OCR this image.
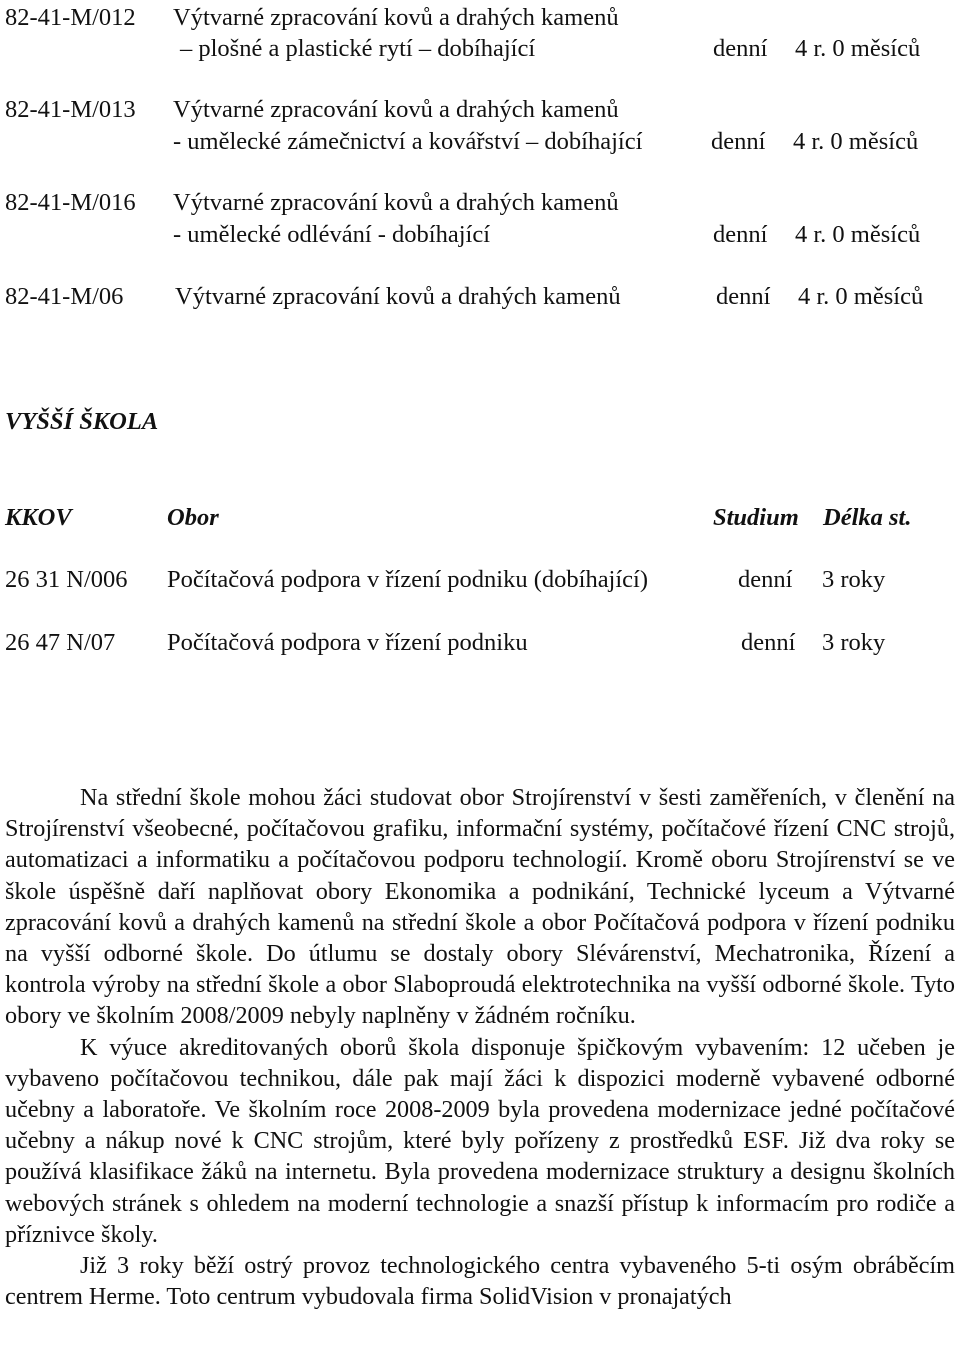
82-41-M/012 Výtvarné zpracování kovů a drahých kamenů
– plošné a plastické rytí – dobíhající	denní 4 r. 0 měsíců
82-41-M/013 Výtvarné zpracování kovů a drahých kamenů
- umělecké zámečnictví a kovářství – dobíhající	denní 4 r. 0 měsíců
82-41-M/016 Výtvarné zpracování kovů a drahých kamenů
- umělecké odlévání - dobíhající	denní 4 r. 0 měsíců
82-41-M/06 Výtvarné zpracování kovů a drahých kamenů	denní 4 r. 0 měsíců
VYŠŠÍ ŠKOLA
KKOV	Obor	Studium Délka st.
26 31 N/006 Počítačová podpora v řízení podniku (dobíhající)	denní 3 roky
26 47 N/07 Počítačová podpora v řízení podniku	denní 3 roky

Na střední škole mohou žáci studovat obor Strojírenství v šesti zaměřeních, v členění na Strojírenství všeobecné, počítačovou grafiku, informační systémy, počítačové řízení CNC strojů, automatizaci a informatiku a počítačovou podporu technologií. Kromě oboru Strojírenství se ve škole úspěšně daří naplňovat obory Ekonomika a podnikání, Technické lyceum a Výtvarné zpracování kovů a drahých kamenů na střední škole a obor Počítačová podpora v řízení podniku na vyšší odborné škole. Do útlumu se dostaly obory Slévárenství, Mechatronika, Řízení a kontrola výroby na střední škole a obor Slaboproudá elektrotechnika na vyšší odborné škole. Tyto obory ve školním 2008/2009 nebyly naplněny v žádném ročníku.

K výuce akreditovaných oborů škola disponuje špičkovým vybavením: 12 učeben je vybaveno počítačovou technikou, dále pak mají žáci k dispozici moderně vybavené odborné učebny a laboratoře. Ve školním roce 2008-2009 byla provedena modernizace jedné počítačové učebny a nákup nové k CNC strojům, které byly pořízeny z prostředků ESF. Již dva roky se používá klasifikace žáků na internetu. Byla provedena modernizace struktury a designu školních webových stránek s ohledem na moderní technologie a snazší přístup k informacím pro rodiče a příznivce školy.

Již 3 roky běží ostrý provoz technologického centra vybaveného 5-ti osým obráběcím centrem Herme. Toto centrum vybudovala firma SolidVision v pronajatých
